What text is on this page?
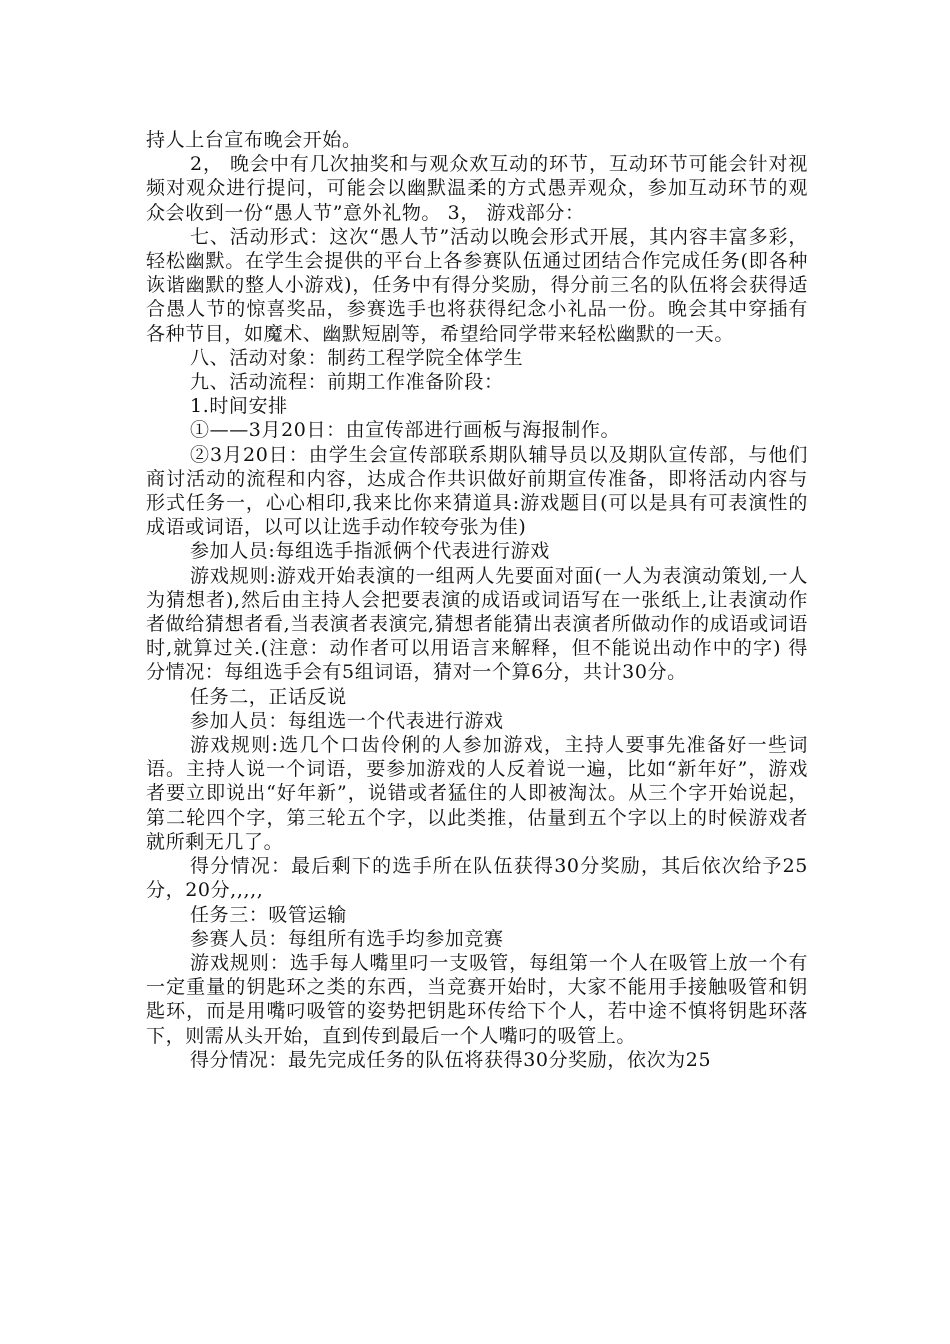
持人上台宣布晚会开始。

2， 晚会中有几次抽奖和与观众欢互动的环节，互动环节可能会针对视频对观众进行提问，可能会以幽默温柔的方式愚弄观众，参加互动环节的观众会收到一份“愚人节”意外礼物。 3， 游戏部分：

七、活动形式：这次“愚人节”活动以晚会形式开展，其内容丰富多彩，轻松幽默。在学生会提供的平台上各参赛队伍通过团结合作完成任务(即各种诙谐幽默的整人小游戏)，任务中有得分奖励，得分前三名的队伍将会获得适合愚人节的惊喜奖品，参赛选手也将获得纪念小礼品一份。晚会其中穿插有各种节目，如魔术、幽默短剧等，希望给同学带来轻松幽默的一天。

八、活动对象：制药工程学院全体学生

九、活动流程：前期工作准备阶段：

1.时间安排

①——3月20日：由宣传部进行画板与海报制作。

②3月20日：由学生会宣传部联系期队辅导员以及期队宣传部，与他们商讨活动的流程和内容，达成合作共识做好前期宣传准备，即将活动内容与形式任务一，心心相印,我来比你来猜道具:游戏题目(可以是具有可表演性的成语或词语，以可以让选手动作较夸张为佳)

参加人员:每组选手指派俩个代表进行游戏

游戏规则:游戏开始表演的一组两人先要面对面(一人为表演动策划,一人为猜想者),然后由主持人会把要表演的成语或词语写在一张纸上,让表演动作者做给猜想者看,当表演者表演完,猜想者能猜出表演者所做动作的成语或词语时,就算过关.(注意：动作者可以用语言来解释，但不能说出动作中的字) 得分情况：每组选手会有5组词语，猜对一个算6分，共计30分。

任务二，正话反说

参加人员：每组选一个代表进行游戏

游戏规则:选几个口齿伶俐的人参加游戏，主持人要事先准备好一些词语。主持人说一个词语，要参加游戏的人反着说一遍，比如“新年好”，游戏者要立即说出“好年新”，说错或者猛住的人即被淘汰。从三个字开始说起，第二轮四个字，第三轮五个字，以此类推，估量到五个字以上的时候游戏者就所剩无几了。

得分情况：最后剩下的选手所在队伍获得30分奖励，其后依次给予25分，20分,,,,,

任务三：吸管运输

参赛人员：每组所有选手均参加竞赛

游戏规则：选手每人嘴里叼一支吸管，每组第一个人在吸管上放一个有一定重量的钥匙环之类的东西，当竞赛开始时，大家不能用手接触吸管和钥匙环，而是用嘴叼吸管的姿势把钥匙环传给下个人，若中途不慎将钥匙环落下，则需从头开始，直到传到最后一个人嘴叼的吸管上。

得分情况：最先完成任务的队伍将获得30分奖励，依次为25
